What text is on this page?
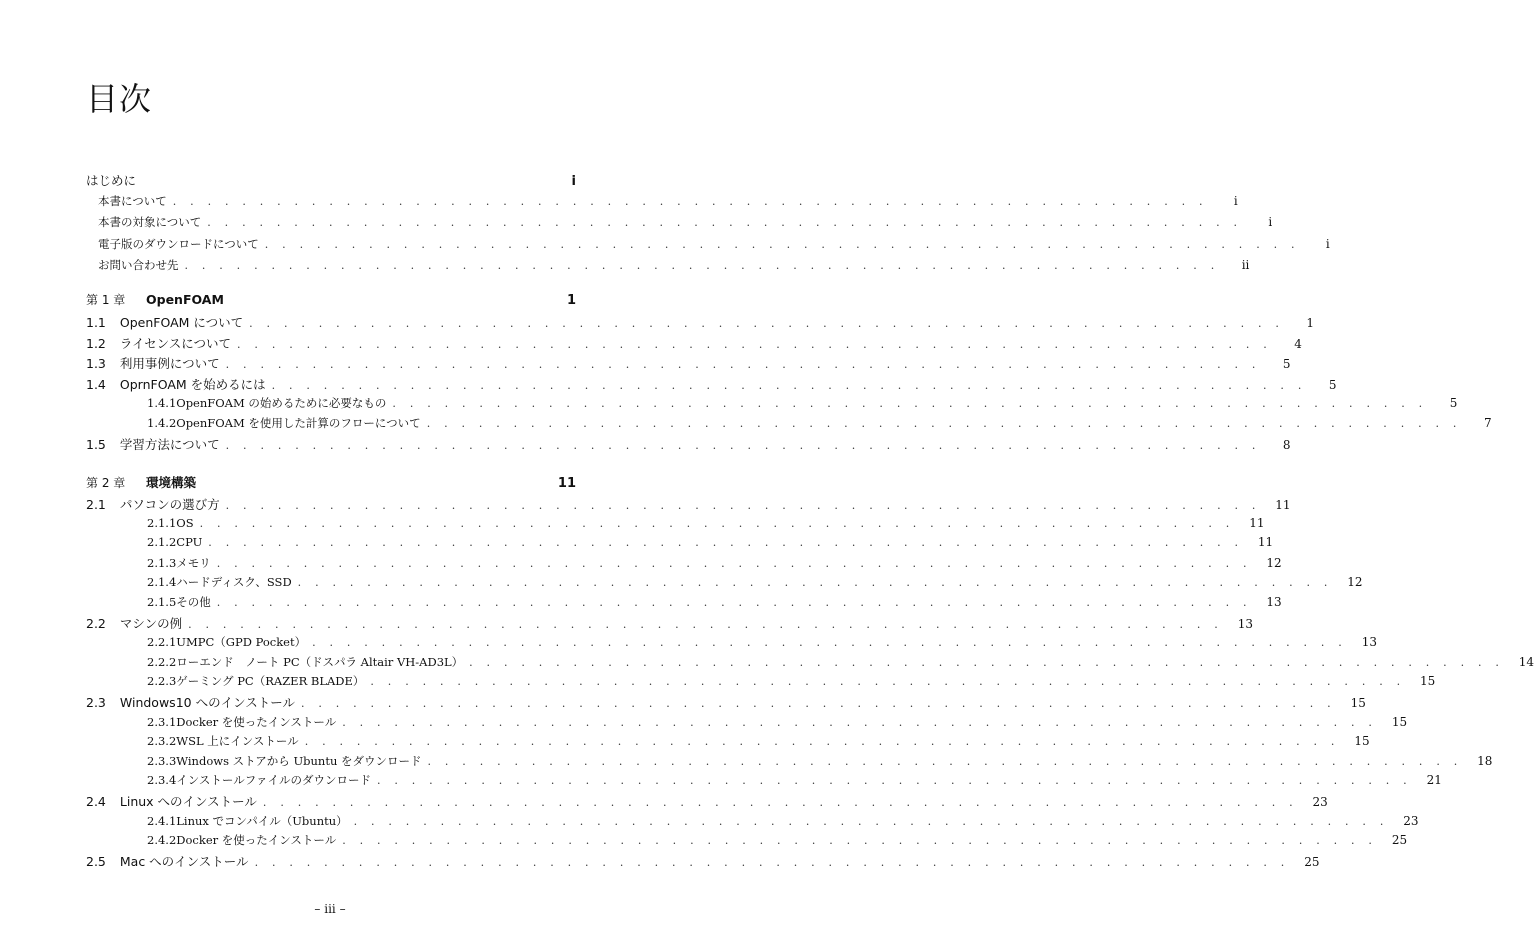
目次
はじめに	i
本書について . . . . . . . . . . . . . . . . . . . . . . . . . . . . . . . . . . . . . . . . . . . . . . . . . . . . . . . . . . . .	i
本書の対象について . . . . . . . . . . . . . . . . . . . . . . . . . . . . . . . . . . . . . . . . . . . . . . . . . . . . . . . . . . . .	i
電子版のダウンロードについて . . . . . . . . . . . . . . . . . . . . . . . . . . . . . . . . . . . . . . . . . . . . . . . . . . . . . . . . . . . .	i
お問い合わせ先 . . . . . . . . . . . . . . . . . . . . . . . . . . . . . . . . . . . . . . . . . . . . . . . . . . . . . . . . . . . .	ii
第 1 章	OpenFOAM	1
1.1	OpenFOAM について . . . . . . . . . . . . . . . . . . . . . . . . . . . . . . . . . . . . . . . . . . . . . . . . . . . . . . . . . . . .	1
1.2	ライセンスについて . . . . . . . . . . . . . . . . . . . . . . . . . . . . . . . . . . . . . . . . . . . . . . . . . . . . . . . . . . . .	4
1.3	利用事例について . . . . . . . . . . . . . . . . . . . . . . . . . . . . . . . . . . . . . . . . . . . . . . . . . . . . . . . . . . . .	5
1.4	OprnFOAM を始めるには . . . . . . . . . . . . . . . . . . . . . . . . . . . . . . . . . . . . . . . . . . . . . . . . . . . . . . . . . . . .	5
1.4.1 OpenFOAM の始めるために必要なもの . . . . . . . . . . . . . . . . . . . . . . . . . . . . . . . . . . . . . . . . . . . . . . . . . . . . . . . . . . . .	5
1.4.2 OpenFOAM を使用した計算のフローについて . . . . . . . . . . . . . . . . . . . . . . . . . . . . . . . . . . . . . . . . . . . . . . . . . . . . . . . . . . . .	7
1.5	学習方法について . . . . . . . . . . . . . . . . . . . . . . . . . . . . . . . . . . . . . . . . . . . . . . . . . . . . . . . . . . . .	8
第 2 章	環境構築	11
2.1	パソコンの選び方 . . . . . . . . . . . . . . . . . . . . . . . . . . . . . . . . . . . . . . . . . . . . . . . . . . . . . . . . . . . .	11
2.1.1 OS . . . . . . . . . . . . . . . . . . . . . . . . . . . . . . . . . . . . . . . . . . . . . . . . . . . . . . . . . . . .	11
2.1.2 CPU . . . . . . . . . . . . . . . . . . . . . . . . . . . . . . . . . . . . . . . . . . . . . . . . . . . . . . . . . . . .	11
2.1.3 メモリ . . . . . . . . . . . . . . . . . . . . . . . . . . . . . . . . . . . . . . . . . . . . . . . . . . . . . . . . . . . .	12
2.1.4 ハードディスク、SSD . . . . . . . . . . . . . . . . . . . . . . . . . . . . . . . . . . . . . . . . . . . . . . . . . . . . . . . . . . . .	12
2.1.5 その他 . . . . . . . . . . . . . . . . . . . . . . . . . . . . . . . . . . . . . . . . . . . . . . . . . . . . . . . . . . . .	13
2.2	マシンの例 . . . . . . . . . . . . . . . . . . . . . . . . . . . . . . . . . . . . . . . . . . . . . . . . . . . . . . . . . . . .	13
2.2.1 UMPC（GPD Pocket） . . . . . . . . . . . . . . . . . . . . . . . . . . . . . . . . . . . . . . . . . . . . . . . . . . . . . . . . . . . .	13
2.2.2 ローエンド　ノート PC（ドスパラ Altair VH-AD3L） . . . . . . . . . . . . . . . . . . . . . . . . . . . . . . . . . . . . . . . . . . . . . . . . . . . . . . . . . . . .	14
2.2.3 ゲーミング PC（RAZER BLADE） . . . . . . . . . . . . . . . . . . . . . . . . . . . . . . . . . . . . . . . . . . . . . . . . . . . . . . . . . . . .	15
2.3	Windows10 へのインストール . . . . . . . . . . . . . . . . . . . . . . . . . . . . . . . . . . . . . . . . . . . . . . . . . . . . . . . . . . . .	15
2.3.1 Docker を使ったインストール . . . . . . . . . . . . . . . . . . . . . . . . . . . . . . . . . . . . . . . . . . . . . . . . . . . . . . . . . . . .	15
2.3.2 WSL 上にインストール . . . . . . . . . . . . . . . . . . . . . . . . . . . . . . . . . . . . . . . . . . . . . . . . . . . . . . . . . . . .	15
2.3.3 Windows ストアから Ubuntu をダウンロード . . . . . . . . . . . . . . . . . . . . . . . . . . . . . . . . . . . . . . . . . . . . . . . . . . . . . . . . . . . .	18
2.3.4 インストールファイルのダウンロード . . . . . . . . . . . . . . . . . . . . . . . . . . . . . . . . . . . . . . . . . . . . . . . . . . . . . . . . . . . .	21
2.4	Linux へのインストール . . . . . . . . . . . . . . . . . . . . . . . . . . . . . . . . . . . . . . . . . . . . . . . . . . . . . . . . . . . .	23
2.4.1 Linux でコンパイル（Ubuntu） . . . . . . . . . . . . . . . . . . . . . . . . . . . . . . . . . . . . . . . . . . . . . . . . . . . . . . . . . . . .	23
2.4.2 Docker を使ったインストール . . . . . . . . . . . . . . . . . . . . . . . . . . . . . . . . . . . . . . . . . . . . . . . . . . . . . . . . . . . .	25
2.5	Mac へのインストール . . . . . . . . . . . . . . . . . . . . . . . . . . . . . . . . . . . . . . . . . . . . . . . . . . . . . . . . . . . .	25
– iii –
